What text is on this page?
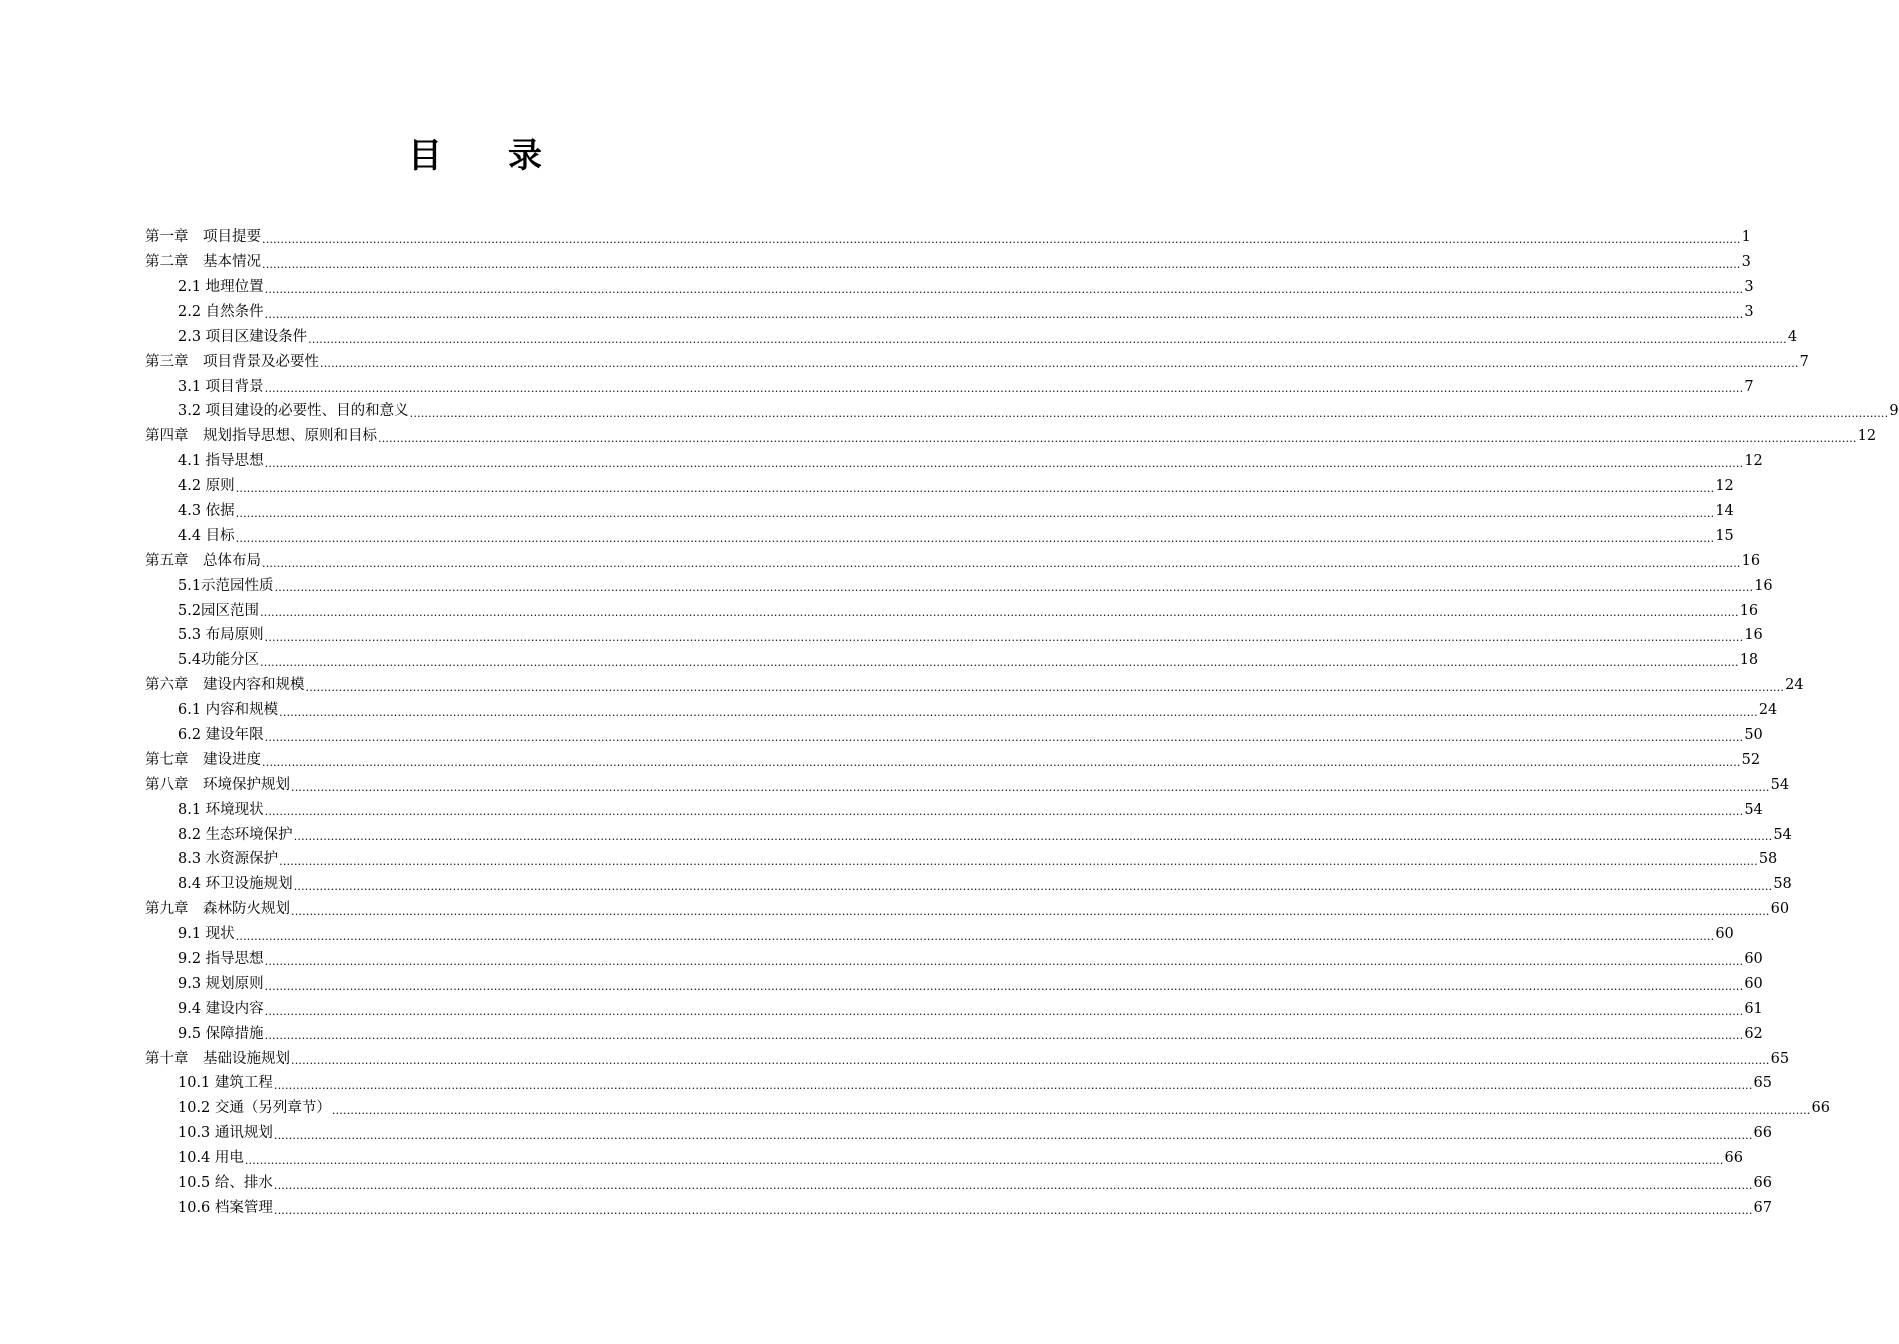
目 录
第一章　项目提要 ................................................................................................................................................................................................................................................................................................................................................................................................................ 1
第二章　基本情况 ................................................................................................................................................................................................................................................................................................................................................................................................................ 3
2.1 地理位置 ................................................................................................................................................................................................................................................................................................................................................................................................................ 3
2.2 自然条件 ................................................................................................................................................................................................................................................................................................................................................................................................................ 3
2.3 项目区建设条件 ................................................................................................................................................................................................................................................................................................................................................................................................................ 4
第三章　项目背景及必要性 ................................................................................................................................................................................................................................................................................................................................................................................................................ 7
3.1 项目背景 ................................................................................................................................................................................................................................................................................................................................................................................................................ 7
3.2 项目建设的必要性、目的和意义 ................................................................................................................................................................................................................................................................................................................................................................................................................ 9
第四章　规划指导思想、原则和目标 ................................................................................................................................................................................................................................................................................................................................................................................................................ 12
4.1 指导思想 ................................................................................................................................................................................................................................................................................................................................................................................................................ 12
4.2 原则 ................................................................................................................................................................................................................................................................................................................................................................................................................ 12
4.3 依据 ................................................................................................................................................................................................................................................................................................................................................................................................................ 14
4.4 目标 ................................................................................................................................................................................................................................................................................................................................................................................................................ 15
第五章　总体布局 ................................................................................................................................................................................................................................................................................................................................................................................................................ 16
5.1示范园性质 ................................................................................................................................................................................................................................................................................................................................................................................................................ 16
5.2园区范围 ................................................................................................................................................................................................................................................................................................................................................................................................................ 16
5.3 布局原则 ................................................................................................................................................................................................................................................................................................................................................................................................................ 16
5.4功能分区 ................................................................................................................................................................................................................................................................................................................................................................................................................ 18
第六章　建设内容和规模 ................................................................................................................................................................................................................................................................................................................................................................................................................ 24
6.1 内容和规模 ................................................................................................................................................................................................................................................................................................................................................................................................................ 24
6.2 建设年限 ................................................................................................................................................................................................................................................................................................................................................................................................................ 50
第七章　建设进度 ................................................................................................................................................................................................................................................................................................................................................................................................................ 52
第八章　环境保护规划 ................................................................................................................................................................................................................................................................................................................................................................................................................ 54
8.1 环境现状 ................................................................................................................................................................................................................................................................................................................................................................................................................ 54
8.2 生态环境保护 ................................................................................................................................................................................................................................................................................................................................................................................................................ 54
8.3 水资源保护 ................................................................................................................................................................................................................................................................................................................................................................................................................ 58
8.4 环卫设施规划 ................................................................................................................................................................................................................................................................................................................................................................................................................ 58
第九章　森林防火规划 ................................................................................................................................................................................................................................................................................................................................................................................................................ 60
9.1 现状 ................................................................................................................................................................................................................................................................................................................................................................................................................ 60
9.2 指导思想 ................................................................................................................................................................................................................................................................................................................................................................................................................ 60
9.3 规划原则 ................................................................................................................................................................................................................................................................................................................................................................................................................ 60
9.4 建设内容 ................................................................................................................................................................................................................................................................................................................................................................................................................ 61
9.5 保障措施 ................................................................................................................................................................................................................................................................................................................................................................................................................ 62
第十章　基础设施规划 ................................................................................................................................................................................................................................................................................................................................................................................................................ 65
10.1 建筑工程 ................................................................................................................................................................................................................................................................................................................................................................................................................ 65
10.2 交通（另列章节） ................................................................................................................................................................................................................................................................................................................................................................................................................ 66
10.3 通讯规划 ................................................................................................................................................................................................................................................................................................................................................................................................................ 66
10.4 用电 ................................................................................................................................................................................................................................................................................................................................................................................................................ 66
10.5 给、排水 ................................................................................................................................................................................................................................................................................................................................................................................................................ 66
10.6 档案管理 ................................................................................................................................................................................................................................................................................................................................................................................................................ 67
